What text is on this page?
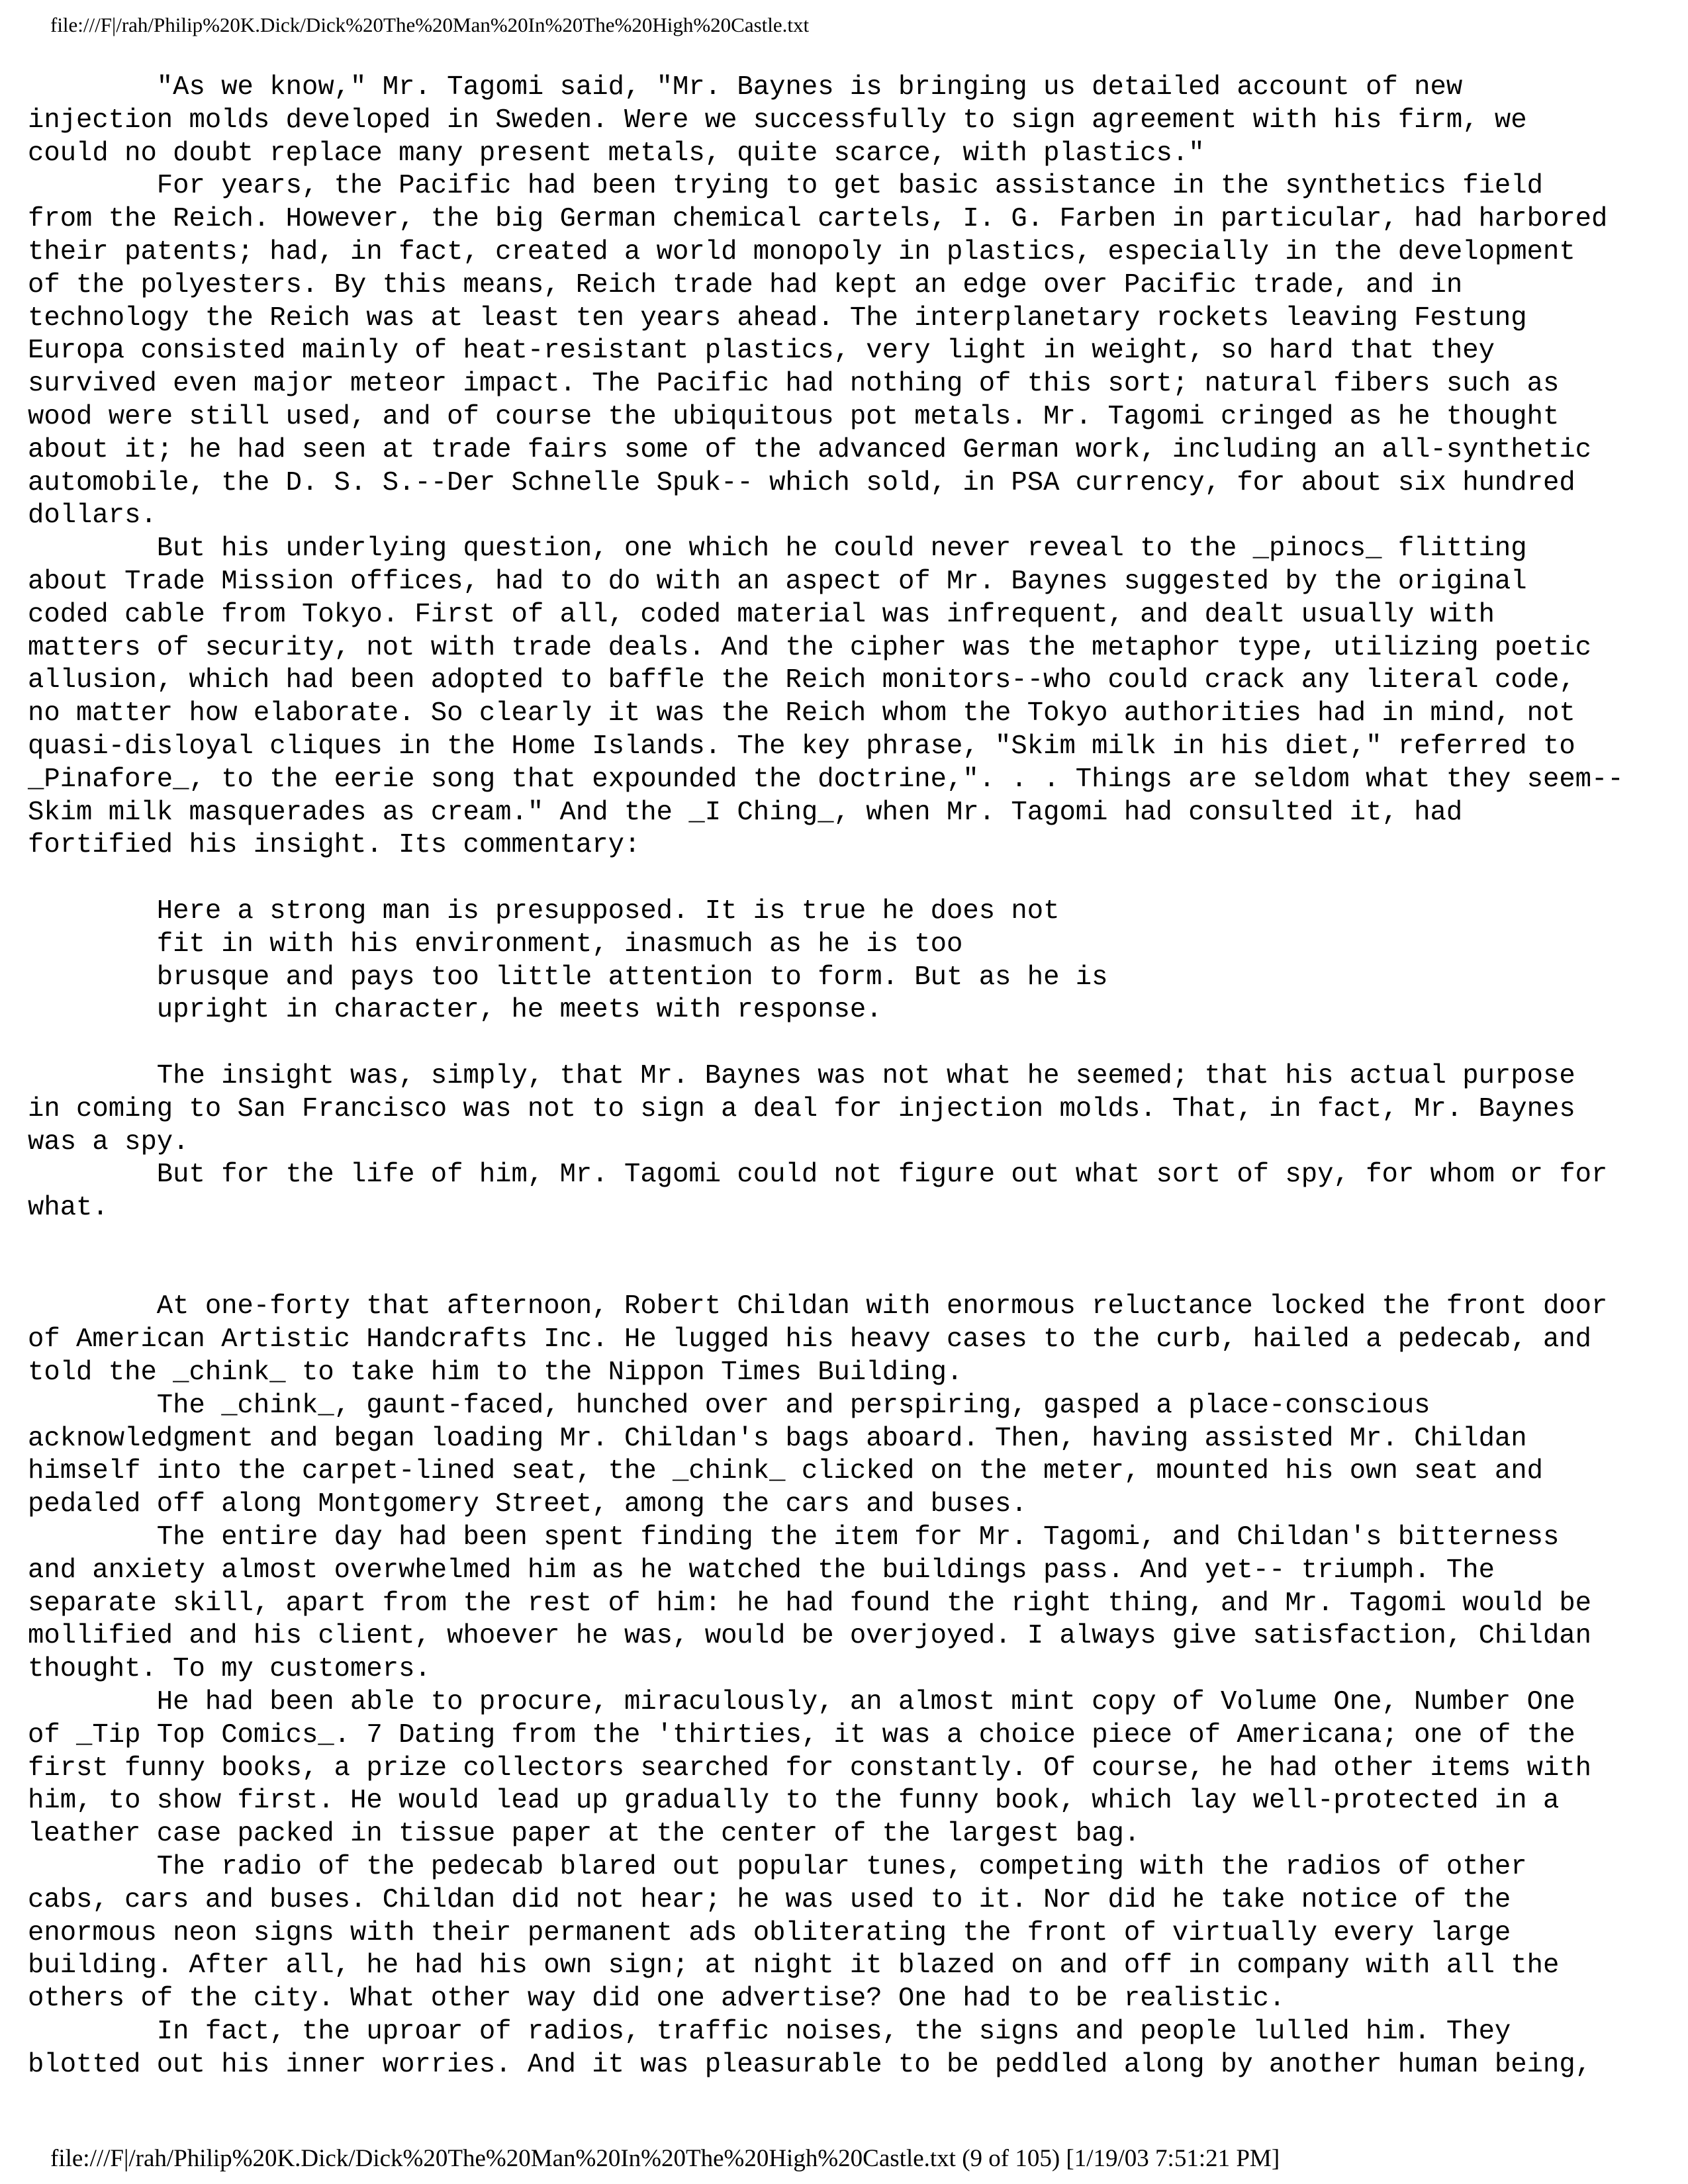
file:///F|/rah/Philip%20K.Dick/Dick%20The%20Man%20In%20The%20High%20Castle.txt
"As we know," Mr. Tagomi said, "Mr. Baynes is bringing us detailed account of new
injection molds developed in Sweden. Were we successfully to sign agreement with his firm, we
could no doubt replace many present metals, quite scarce, with plastics."
For years, the Pacific had been trying to get basic assistance in the synthetics field
from the Reich. However, the big German chemical cartels, I. G. Farben in particular, had harbored
their patents; had, in fact, created a world monopoly in plastics, especially in the development
of the polyesters. By this means, Reich trade had kept an edge over Pacific trade, and in
technology the Reich was at least ten years ahead. The interplanetary rockets leaving Festung
Europa consisted mainly of heat-resistant plastics, very light in weight, so hard that they
survived even major meteor impact. The Pacific had nothing of this sort; natural fibers such as
wood were still used, and of course the ubiquitous pot metals. Mr. Tagomi cringed as he thought
about it; he had seen at trade fairs some of the advanced German work, including an all-synthetic
automobile, the D. S. S.--Der Schnelle Spuk-- which sold, in PSA currency, for about six hundred
dollars.
But his underlying question, one which he could never reveal to the _pinocs_ flitting
about Trade Mission offices, had to do with an aspect of Mr. Baynes suggested by the original
coded cable from Tokyo. First of all, coded material was infrequent, and dealt usually with
matters of security, not with trade deals. And the cipher was the metaphor type, utilizing poetic
allusion, which had been adopted to baffle the Reich monitors--who could crack any literal code,
no matter how elaborate. So clearly it was the Reich whom the Tokyo authorities had in mind, not
quasi-disloyal cliques in the Home Islands. The key phrase, "Skim milk in his diet," referred to
_Pinafore_, to the eerie song that expounded the doctrine,". . . Things are seldom what they seem--
Skim milk masquerades as cream." And the _I Ching_, when Mr. Tagomi had consulted it, had
fortified his insight. Its commentary:

Here a strong man is presupposed. It is true he does not
fit in with his environment, inasmuch as he is too
brusque and pays too little attention to form. But as he is
upright in character, he meets with response.

The insight was, simply, that Mr. Baynes was not what he seemed; that his actual purpose
in coming to San Francisco was not to sign a deal for injection molds. That, in fact, Mr. Baynes
was a spy.
But for the life of him, Mr. Tagomi could not figure out what sort of spy, for whom or for
what.

At one-forty that afternoon, Robert Childan with enormous reluctance locked the front door
of American Artistic Handcrafts Inc. He lugged his heavy cases to the curb, hailed a pedecab, and
told the _chink_ to take him to the Nippon Times Building.
The _chink_, gaunt-faced, hunched over and perspiring, gasped a place-conscious
acknowledgment and began loading Mr. Childan's bags aboard. Then, having assisted Mr. Childan
himself into the carpet-lined seat, the _chink_ clicked on the meter, mounted his own seat and
pedaled off along Montgomery Street, among the cars and buses.
The entire day had been spent finding the item for Mr. Tagomi, and Childan's bitterness
and anxiety almost overwhelmed him as he watched the buildings pass. And yet-- triumph. The
separate skill, apart from the rest of him: he had found the right thing, and Mr. Tagomi would be
mollified and his client, whoever he was, would be overjoyed. I always give satisfaction, Childan
thought. To my customers.
He had been able to procure, miraculously, an almost mint copy of Volume One, Number One
of _Tip Top Comics_. 7 Dating from the 'thirties, it was a choice piece of Americana; one of the
first funny books, a prize collectors searched for constantly. Of course, he had other items with
him, to show first. He would lead up gradually to the funny book, which lay well-protected in a
leather case packed in tissue paper at the center of the largest bag.
The radio of the pedecab blared out popular tunes, competing with the radios of other
cabs, cars and buses. Childan did not hear; he was used to it. Nor did he take notice of the
enormous neon signs with their permanent ads obliterating the front of virtually every large
building. After all, he had his own sign; at night it blazed on and off in company with all the
others of the city. What other way did one advertise? One had to be realistic.
In fact, the uproar of radios, traffic noises, the signs and people lulled him. They
blotted out his inner worries. And it was pleasurable to be peddled along by another human being,
file:///F|/rah/Philip%20K.Dick/Dick%20The%20Man%20In%20The%20High%20Castle.txt (9 of 105) [1/19/03 7:51:21 PM]
